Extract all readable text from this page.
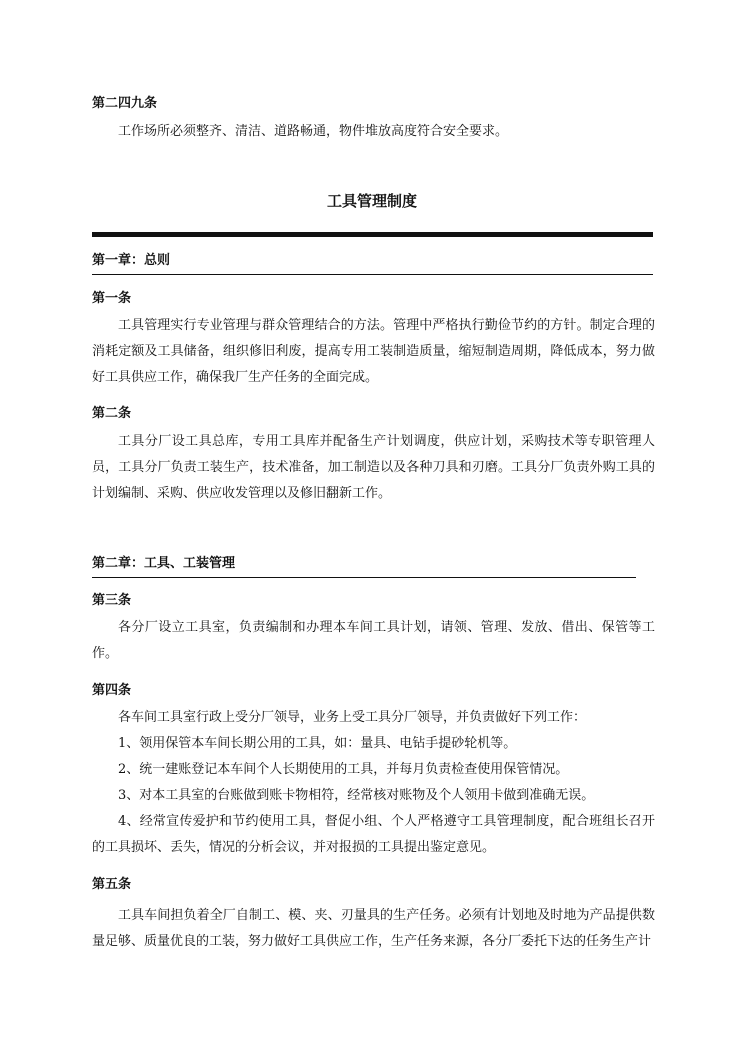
第二四九条
工作场所必须整齐、清洁、道路畅通，物件堆放高度符合安全要求。
工具管理制度
第一章：总则
第一条
工具管理实行专业管理与群众管理结合的方法。管理中严格执行勤俭节约的方针。制定合理的消耗定额及工具储备，组织修旧利废，提高专用工装制造质量，缩短制造周期，降低成本，努力做好工具供应工作，确保我厂生产任务的全面完成。
第二条
工具分厂设工具总库，专用工具库并配备生产计划调度，供应计划，采购技术等专职管理人员，工具分厂负责工装生产，技术准备，加工制造以及各种刀具和刃磨。工具分厂负责外购工具的计划编制、采购、供应收发管理以及修旧翻新工作。
第二章：工具、工装管理
第三条
各分厂设立工具室，负责编制和办理本车间工具计划，请领、管理、发放、借出、保管等工作。
第四条
各车间工具室行政上受分厂领导，业务上受工具分厂领导，并负责做好下列工作：
1、领用保管本车间长期公用的工具，如：量具、电钻手提砂轮机等。
2、统一建账登记本车间个人长期使用的工具，并每月负责检查使用保管情况。
3、对本工具室的台账做到账卡物相符，经常核对账物及个人领用卡做到准确无误。
4、经常宣传爱护和节约使用工具，督促小组、个人严格遵守工具管理制度，配合班组长召开的工具损坏、丢失，情况的分析会议，并对报损的工具提出鉴定意见。
第五条
工具车间担负着全厂自制工、模、夹、刃量具的生产任务。必须有计划地及时地为产品提供数量足够、质量优良的工装，努力做好工具供应工作，生产任务来源，各分厂委托下达的任务生产计
